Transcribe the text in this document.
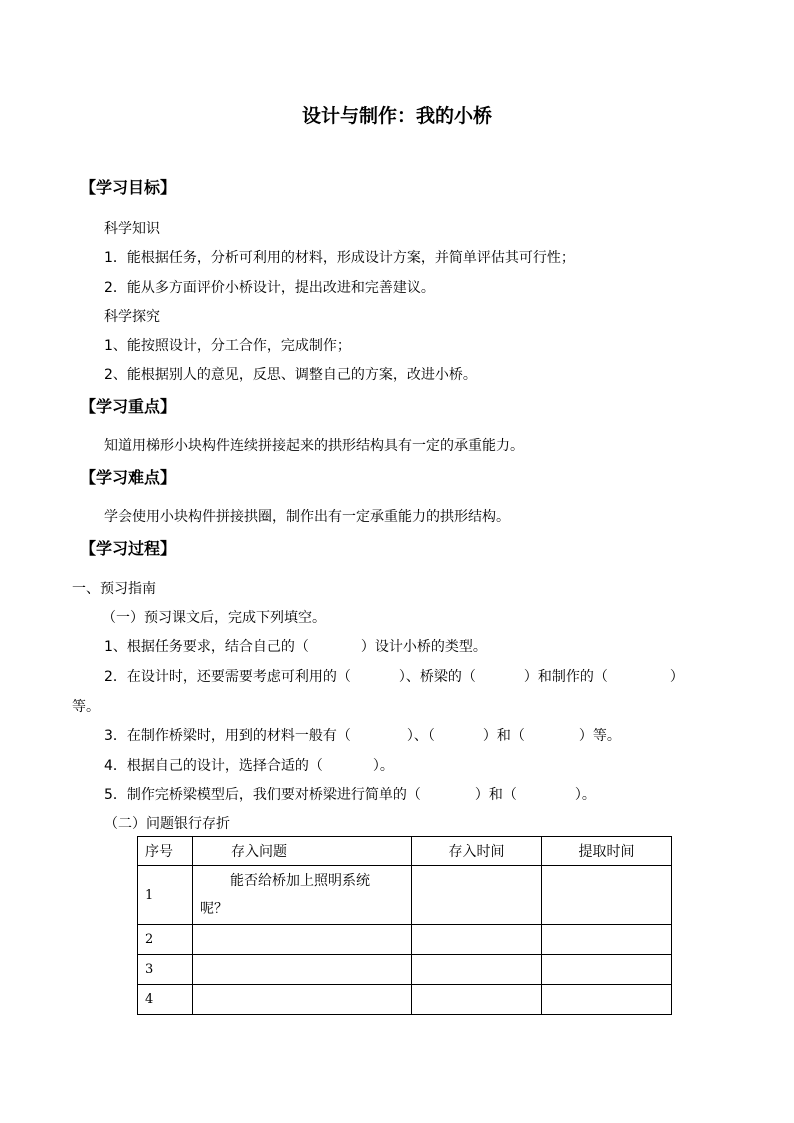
设计与制作：我的小桥
【学习目标】
科学知识
1．能根据任务，分析可利用的材料，形成设计方案，并简单评估其可行性；
2．能从多方面评价小桥设计，提出改进和完善建议。
科学探究
1、能按照设计，分工合作，完成制作；
2、能根据别人的意见，反思、调整自己的方案，改进小桥。
【学习重点】
知道用梯形小块构件连续拼接起来的拱形结构具有一定的承重能力。
【学习难点】
学会使用小块构件拼接拱圈，制作出有一定承重能力的拱形结构。
【学习过程】
一、预习指南
（一）预习课文后，完成下列填空。
1、根据任务要求，结合自己的（	）设计小桥的类型。
2．在设计时，还要需要考虑可利用的（	）、桥梁的（	）和制作的（	）
等。
3．在制作桥梁时，用到的材料一般有（	）、（	）和（	）等。
4．根据自己的设计，选择合适的（	）。
5．制作完桥梁模型后，我们要对桥梁进行简单的（	）和（	）。
（二）问题银行存折
序号	存入问题	存入时间	提取时间
1	能否给桥加上照明系统
呢？		

2			
3			
4			
